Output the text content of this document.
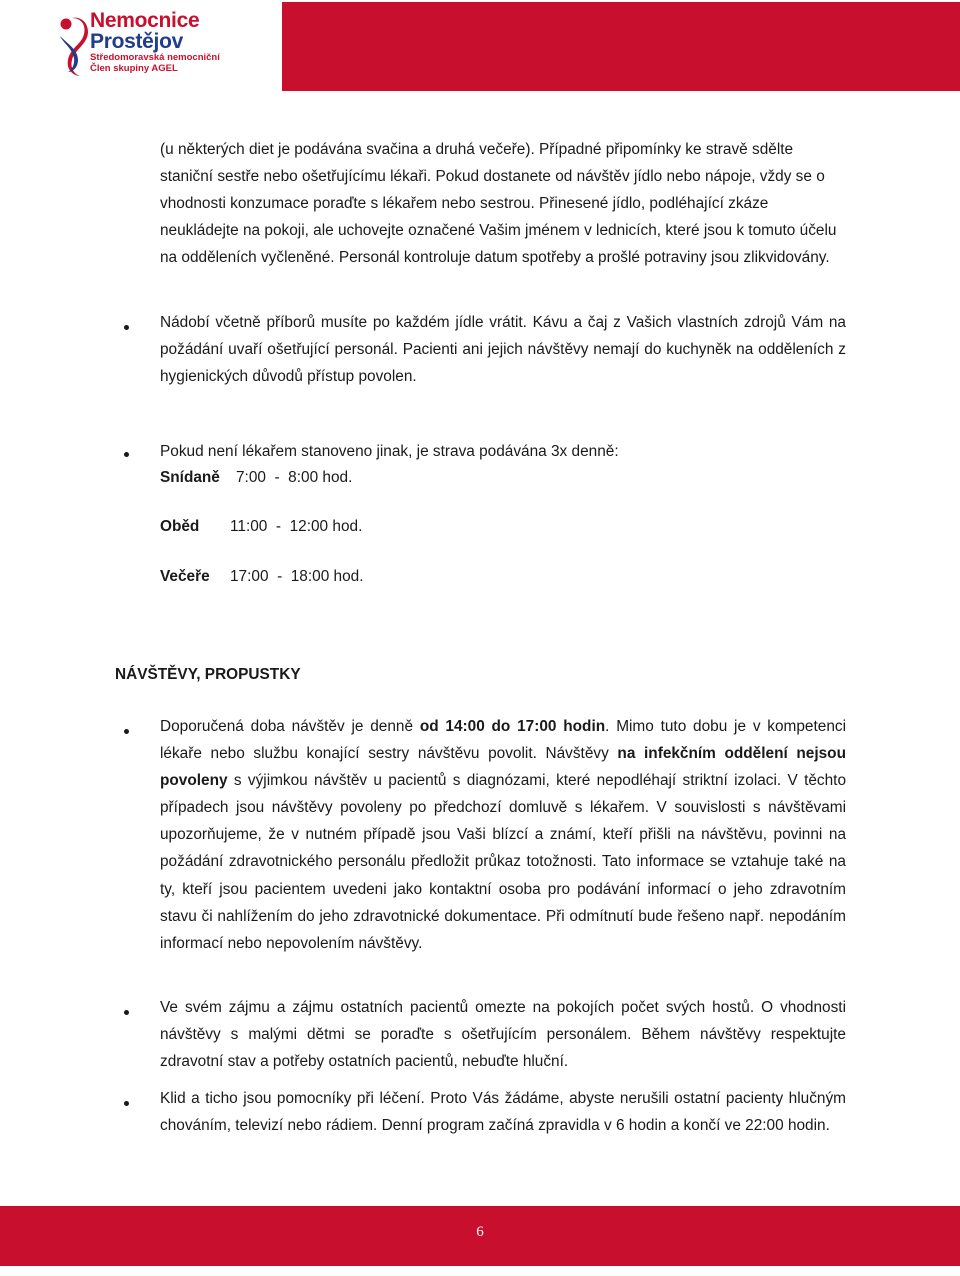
Nemocnice
Prostějov
Středomoravská nemocniční
Člen skupiny AGEL
(u některých diet je podávána svačina a druhá večeře). Případné připomínky ke stravě sdělte staniční sestře nebo ošetřujícímu lékaři. Pokud dostanete od návštěv jídlo nebo nápoje, vždy se o vhodnosti konzumace poraďte s lékařem nebo sestrou. Přinesené jídlo, podléhající zkáze neukládejte na pokoji, ale uchovejte označené Vašim jménem v lednicích, které jsou k tomuto účelu na odděleních vyčleněné. Personál kontroluje datum spotřeby a prošlé potraviny jsou zlikvidovány.
Nádobí včetně příborů musíte po každém jídle vrátit. Kávu a čaj z Vašich vlastních zdrojů Vám na požádání uvaří ošetřující personál. Pacienti ani jejich návštěvy nemají do kuchyněk na odděleních z hygienických důvodů přístup povolen.
Pokud není lékařem stanoveno jinak, je strava podávána 3x denně:
Snídaně 7:00  -  8:00 hod.
Oběd 11:00  -  12:00 hod.
Večeře 17:00  -  18:00 hod.
NÁVŠTĚVY, PROPUSTKY
Doporučená doba návštěv je denně od 14:00 do 17:00 hodin. Mimo tuto dobu je v kompetenci lékaře nebo službu konající sestry návštěvu povolit. Návštěvy na infekčním oddělení nejsou povoleny s výjimkou návštěv u pacientů s diagnózami, které nepodléhají striktní izolaci. V těchto případech jsou návštěvy povoleny po předchozí domluvě s lékařem. V souvislosti s návštěvami upozorňujeme, že v nutném případě jsou Vaši blízcí a známí, kteří přišli na návštěvu, povinni na požádání zdravotnického personálu předložit průkaz totožnosti. Tato informace se vztahuje také na ty, kteří jsou pacientem uvedeni jako kontaktní osoba pro podávání informací o jeho zdravotním stavu či nahlížením do jeho zdravotnické dokumentace. Při odmítnutí bude řešeno např. nepodáním informací nebo nepovolením návštěvy.
Ve svém zájmu a zájmu ostatních pacientů omezte na pokojích počet svých hostů. O vhodnosti návštěvy s malými dětmi se poraďte s ošetřujícím personálem. Během návštěvy respektujte zdravotní stav a potřeby ostatních pacientů, nebuďte hluční.
Klid a ticho jsou pomocníky při léčení. Proto Vás žádáme, abyste nerušili ostatní pacienty hlučným chováním, televizí nebo rádiem. Denní program začíná zpravidla v 6 hodin a končí ve 22:00 hodin.
6
